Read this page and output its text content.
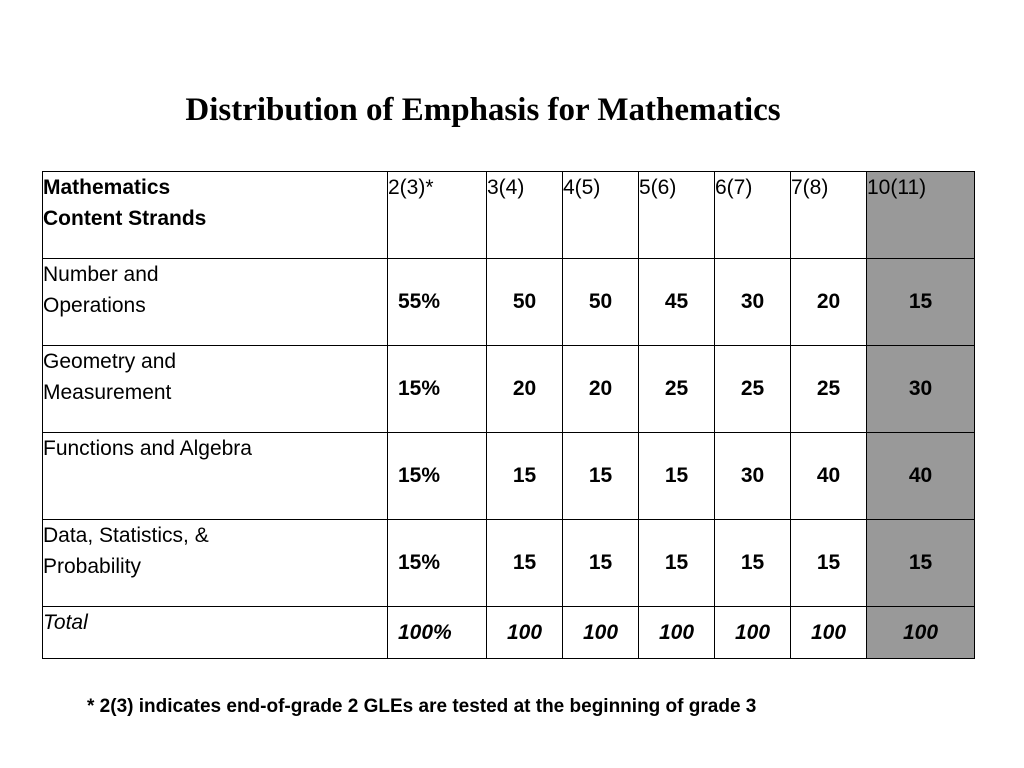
Distribution of Emphasis for Mathematics
Mathematics
Content Strands	2(3)*	3(4)	4(5)	5(6)	6(7)	7(8)	10(11)

Number and
Operations	55%	50	50	45	30	20	15

Geometry and
Measurement	15%	20	20	25	25	25	30

Functions and Algebra	15%	15	15	15	30	40	40

Data, Statistics, &
Probability	15%	15	15	15	15	15	15
Total	100%	100	100	100	100	100	100

* 2(3) indicates end-of-grade 2 GLEs are tested at the beginning of grade 3
